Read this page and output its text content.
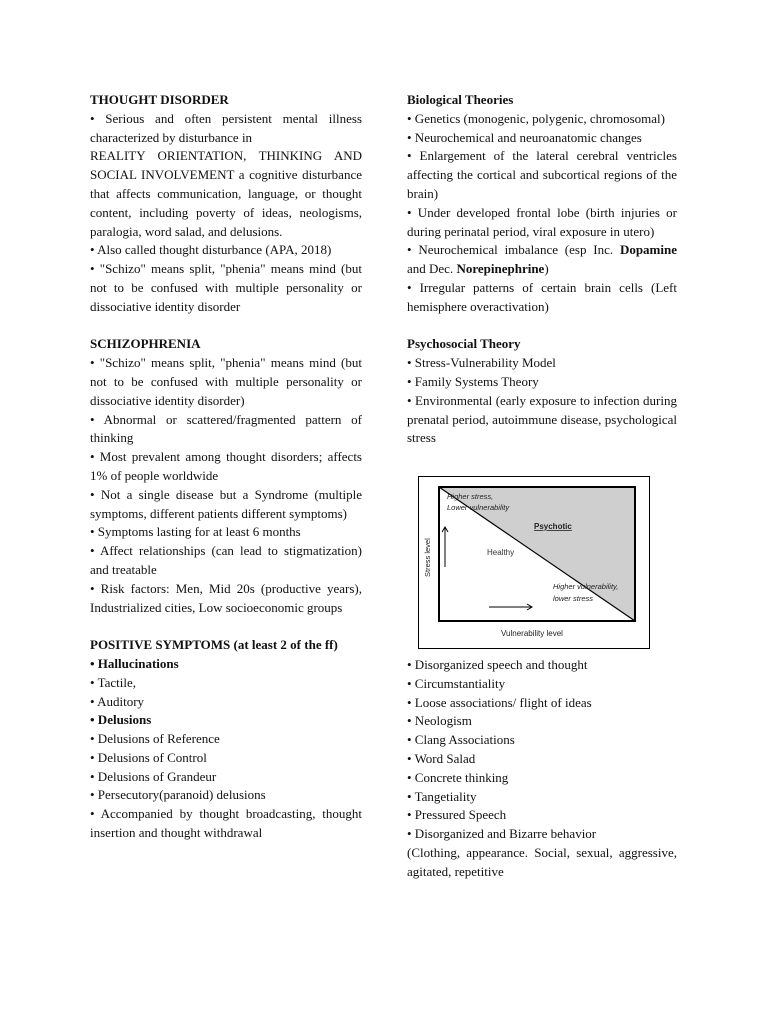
THOUGHT DISORDER
• Serious and often persistent mental illness characterized by disturbance in
REALITY ORIENTATION, THINKING AND SOCIAL INVOLVEMENT a cognitive disturbance that affects communication, language, or thought content, including poverty of ideas, neologisms, paralogia, word salad, and delusions.
• Also called thought disturbance (APA, 2018)
• "Schizo" means split, "phenia" means mind (but not to be confused with multiple personality or dissociative identity disorder
SCHIZOPHRENIA
• "Schizo" means split, "phenia" means mind (but not to be confused with multiple personality or dissociative identity disorder)
• Abnormal or scattered/fragmented pattern of thinking
• Most prevalent among thought disorders; affects 1% of people worldwide
• Not a single disease but a Syndrome (multiple symptoms, different patients different symptoms)
• Symptoms lasting for at least 6 months
• Affect relationships (can lead to stigmatization) and treatable
• Risk factors: Men, Mid 20s (productive years), Industrialized cities, Low socioeconomic groups
POSITIVE SYMPTOMS (at least 2 of the ff)
• Hallucinations
• Tactile,
• Auditory
• Delusions
• Delusions of Reference
• Delusions of Control
• Delusions of Grandeur
• Persecutory(paranoid) delusions
• Accompanied by thought broadcasting, thought insertion and thought withdrawal
Biological Theories
• Genetics (monogenic, polygenic, chromosomal)
• Neurochemical and neuroanatomic changes
• Enlargement of the lateral cerebral ventricles affecting the cortical and subcortical regions of the brain)
• Under developed frontal lobe (birth injuries or during perinatal period, viral exposure in utero)
• Neurochemical imbalance (esp Inc. Dopamine and Dec. Norepinephrine)
• Irregular patterns of certain brain cells (Left hemisphere overactivation)
Psychosocial Theory
• Stress-Vulnerability Model
• Family Systems Theory
• Environmental (early exposure to infection during prenatal period, autoimmune disease, psychological stress
Higher stress,
Lower vulnerability
Psychotic
Healthy
Higher vulnerability,
lower stress
Stress level
Vulnerability level
• Disorganized speech and thought
• Circumstantiality
• Loose associations/ flight of ideas
• Neologism
• Clang Associations
• Word Salad
• Concrete thinking
• Tangetiality
• Pressured Speech
• Disorganized and Bizarre behavior
(Clothing, appearance. Social, sexual, aggressive, agitated, repetitive
